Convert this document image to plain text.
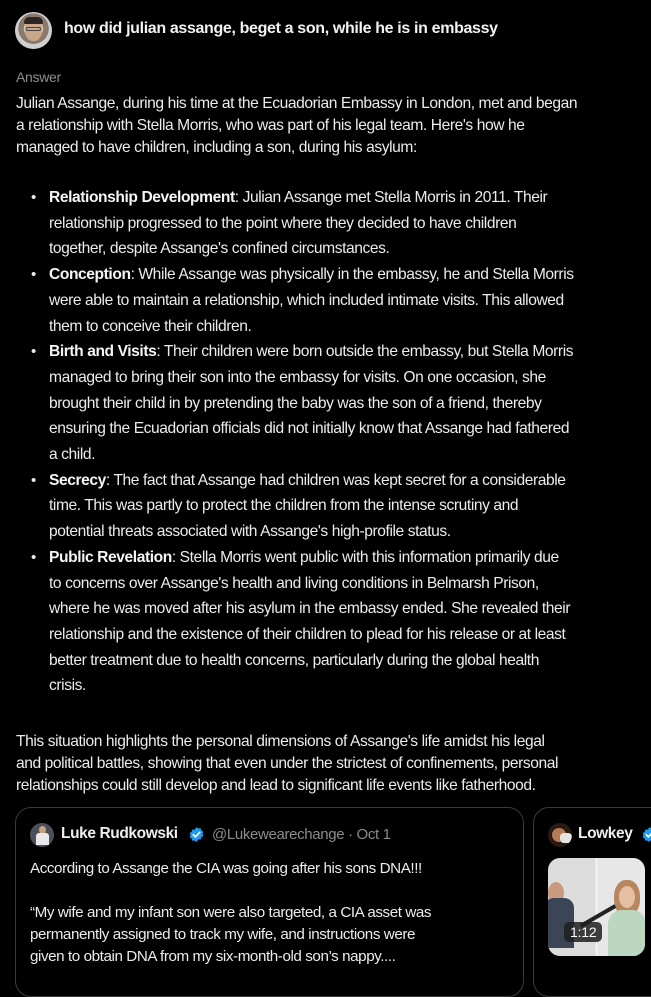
how did julian assange, beget a son, while he is in embassy
Answer
Julian Assange, during his time at the Ecuadorian Embassy in London, met and began
a relationship with Stella Morris, who was part of his legal team. Here's how he
managed to have children, including a son, during his asylum:
• Relationship Development: Julian Assange met Stella Morris in 2011. Their
relationship progressed to the point where they decided to have children
together, despite Assange's confined circumstances.
• Conception: While Assange was physically in the embassy, he and Stella Morris
were able to maintain a relationship, which included intimate visits. This allowed
them to conceive their children.
• Birth and Visits: Their children were born outside the embassy, but Stella Morris
managed to bring their son into the embassy for visits. On one occasion, she
brought their child in by pretending the baby was the son of a friend, thereby
ensuring the Ecuadorian officials did not initially know that Assange had fathered
a child.
• Secrecy: The fact that Assange had children was kept secret for a considerable
time. This was partly to protect the children from the intense scrutiny and
potential threats associated with Assange's high-profile status.
• Public Revelation: Stella Morris went public with this information primarily due
to concerns over Assange's health and living conditions in Belmarsh Prison,
where he was moved after his asylum in the embassy ended. She revealed their
relationship and the existence of their children to plead for his release or at least
better treatment due to health concerns, particularly during the global health
crisis.
This situation highlights the personal dimensions of Assange's life amidst his legal
and political battles, showing that even under the strictest of confinements, personal
relationships could still develop and lead to significant life events like fatherhood.
Luke Rudkowski @Lukewearechange · Oct 1
According to Assange the CIA was going after his sons DNA!!!
“My wife and my infant son were also targeted, a CIA asset was
permanently assigned to track my wife, and instructions were
given to obtain DNA from my six-month-old son’s nappy....
Lowkey
1:12
